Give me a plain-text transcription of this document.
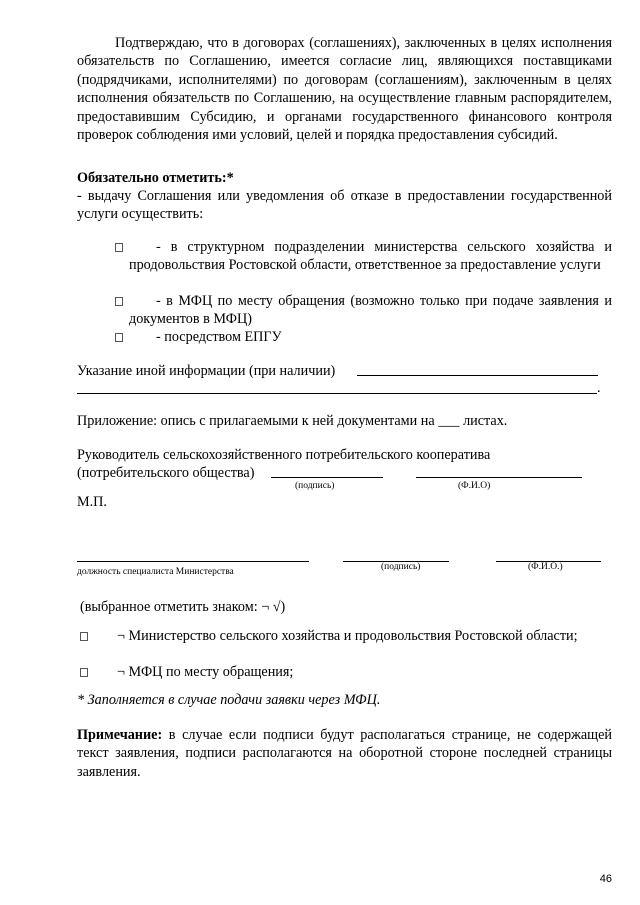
Подтверждаю, что в договорах (соглашениях), заключенных в целях исполнения обязательств по Соглашению, имеется согласие лиц, являющихся поставщиками (подрядчиками, исполнителями) по договорам (соглашениям), заключенным в целях исполнения обязательств по Соглашению, на осуществление главным распорядителем, предоставившим Субсидию, и органами государственного финансового контроля проверок соблюдения ими условий, целей и порядка предоставления субсидий.

Обязательно отметить:*

- выдачу Соглашения или уведомления об отказе в предоставлении государственной услуги осуществить:

- в структурном подразделении министерства сельского хозяйства и продовольствия Ростовской области, ответственное за предоставление услуги

- в МФЦ по месту обращения (возможно только при подаче заявления и документов в МФЦ)

- посредством ЕПГУ

Указание иной информации (при наличии)
.

Приложение: опись с прилагаемыми к ней документами на ___ листах.

Руководитель сельскохозяйственного потребительского кооператива
(потребительского общества)
(подпись)	(Ф.И.О)
М.П.
должность специалиста Министерства	(подпись)	(Ф.И.О.)
(выбранное отметить знаком: ¬ √)

¬ Министерство сельского хозяйства и продовольствия Ростовской области;

¬ МФЦ по месту обращения;

* Заполняется в случае подачи заявки через МФЦ.

Примечание: в случае если подписи будут располагаться странице, не содержащей текст заявления, подписи располагаются на оборотной стороне последней страницы заявления.

46
